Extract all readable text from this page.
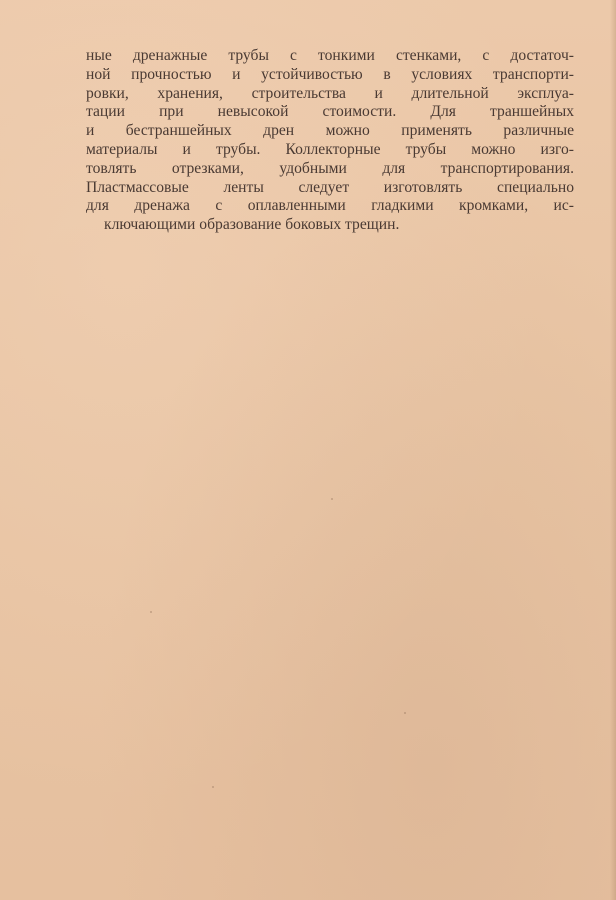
ные дренажные трубы с тонкими стенками, с достаточ-
ной прочностью и устойчивостью в условиях транспорти-
ровки, хранения, строительства и длительной эксплуа-
тации при невысокой стоимости. Для траншейных
и бестраншейных дрен можно применять различные
материалы и трубы. Коллекторные трубы можно изго-
товлять отрезками, удобными для транспортирования.
Пластмассовые ленты следует изготовлять специально
для дренажа с оплавленными гладкими кромками, ис-
ключающими образование боковых трещин.
